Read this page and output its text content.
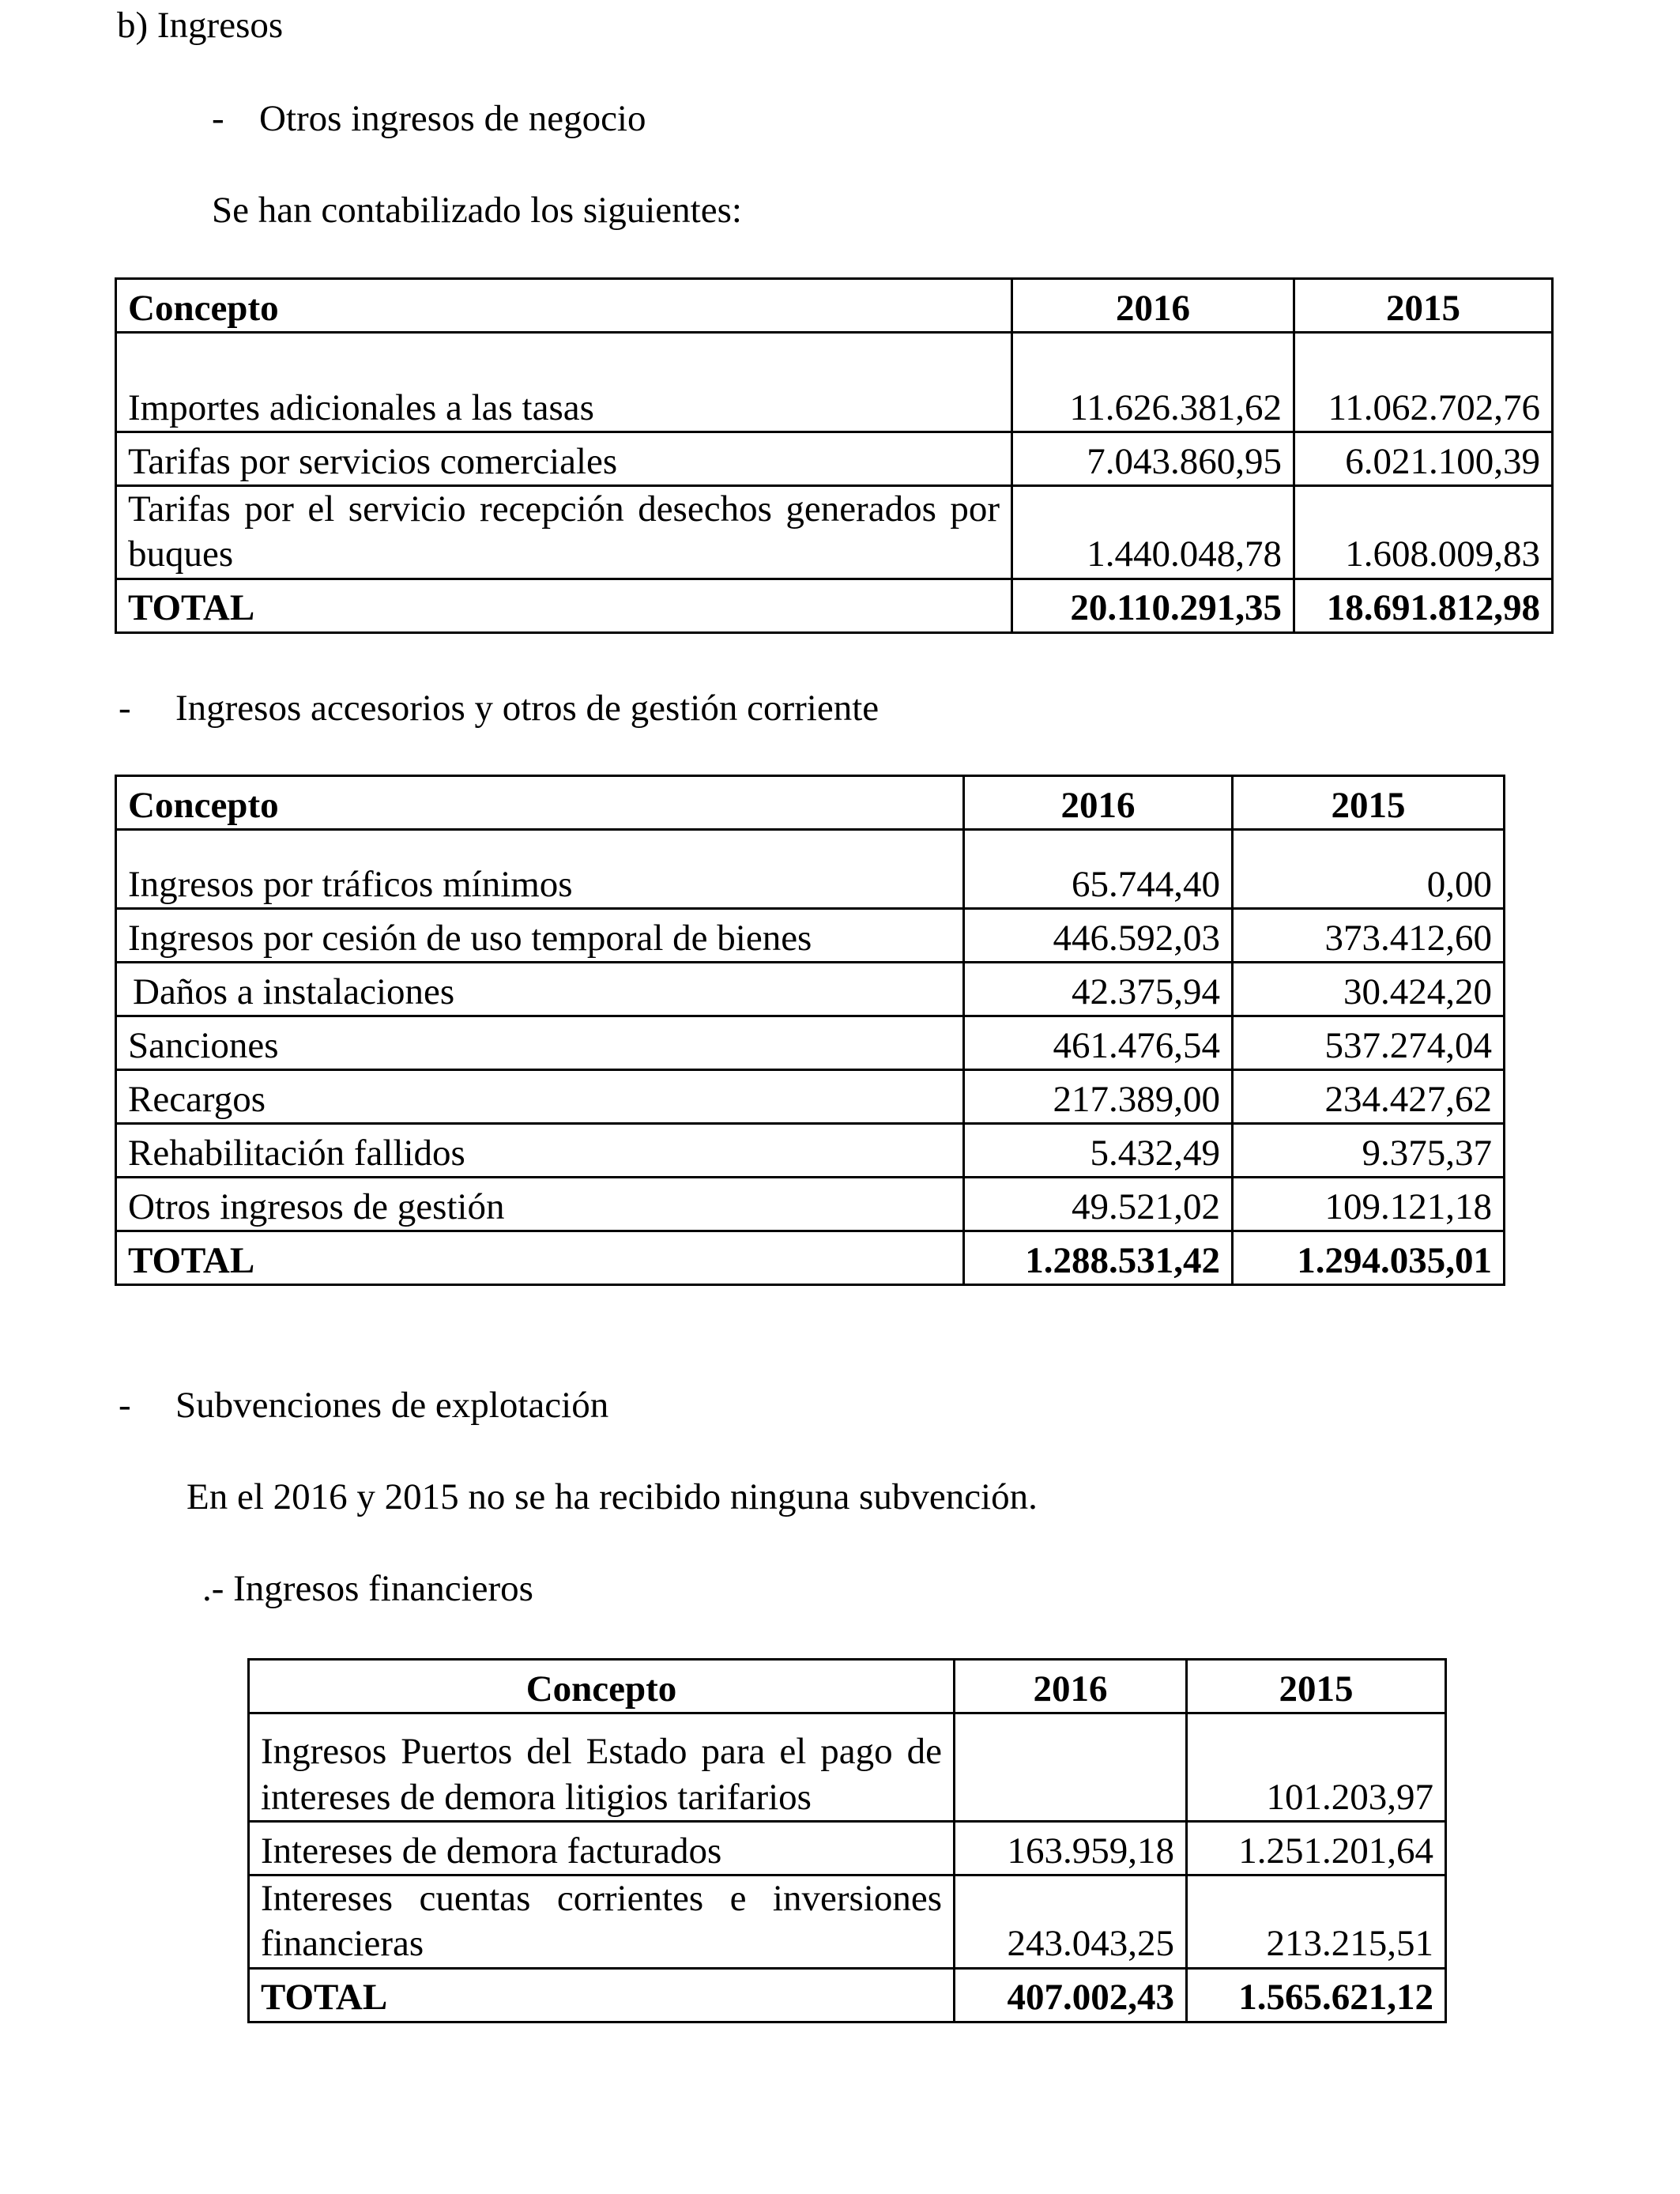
b) Ingresos
- Otros ingresos de negocio
Se han contabilizado los siguientes:
Concepto	2016	2015
Importes adicionales a las tasas	11.626.381,62	11.062.702,76
Tarifas por servicios comerciales	7.043.860,95	6.021.100,39
Tarifas por el servicio recepción desechos generados por buques	1.440.048,78	1.608.009,83
TOTAL	20.110.291,35	18.691.812,98
- Ingresos accesorios y otros de gestión corriente
Concepto	2016	2015
Ingresos por tráficos mínimos	65.744,40	0,00
Ingresos por cesión de uso temporal de bienes	446.592,03	373.412,60
Daños a instalaciones	42.375,94	30.424,20
Sanciones	461.476,54	537.274,04
Recargos	217.389,00	234.427,62
Rehabilitación fallidos	5.432,49	9.375,37
Otros ingresos de gestión	49.521,02	109.121,18
TOTAL	1.288.531,42	1.294.035,01
- Subvenciones de explotación
En el 2016 y 2015 no se ha recibido ninguna subvención.
.- Ingresos financieros
Concepto	2016	2015
Ingresos Puertos del Estado para el pago de intereses de demora litigios tarifarios		101.203,97
Intereses de demora facturados	163.959,18	1.251.201,64
Intereses cuentas corrientes e inversiones financieras	243.043,25	213.215,51
TOTAL	407.002,43	1.565.621,12
